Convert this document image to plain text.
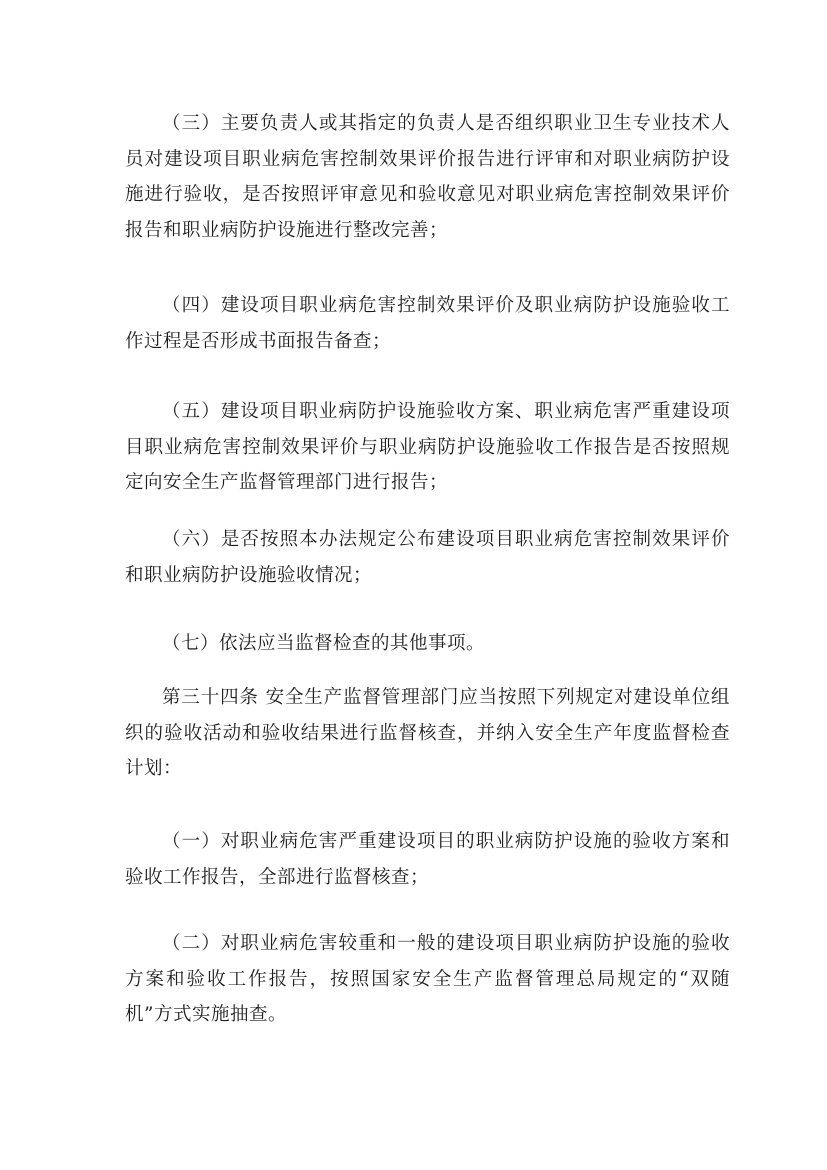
（三）主要负责人或其指定的负责人是否组织职业卫生专业技术人员对建设项目职业病危害控制效果评价报告进行评审和对职业病防护设施进行验收，是否按照评审意见和验收意见对职业病危害控制效果评价报告和职业病防护设施进行整改完善；

（四）建设项目职业病危害控制效果评价及职业病防护设施验收工作过程是否形成书面报告备查；

（五）建设项目职业病防护设施验收方案、职业病危害严重建设项目职业病危害控制效果评价与职业病防护设施验收工作报告是否按照规定向安全生产监督管理部门进行报告；

（六）是否按照本办法规定公布建设项目职业病危害控制效果评价和职业病防护设施验收情况；

（七）依法应当监督检查的其他事项。

第三十四条 安全生产监督管理部门应当按照下列规定对建设单位组织的验收活动和验收结果进行监督核查，并纳入安全生产年度监督检查计划：

（一）对职业病危害严重建设项目的职业病防护设施的验收方案和验收工作报告，全部进行监督核查；

（二）对职业病危害较重和一般的建设项目职业病防护设施的验收方案和验收工作报告，按照国家安全生产监督管理总局规定的“双随机”方式实施抽查。
